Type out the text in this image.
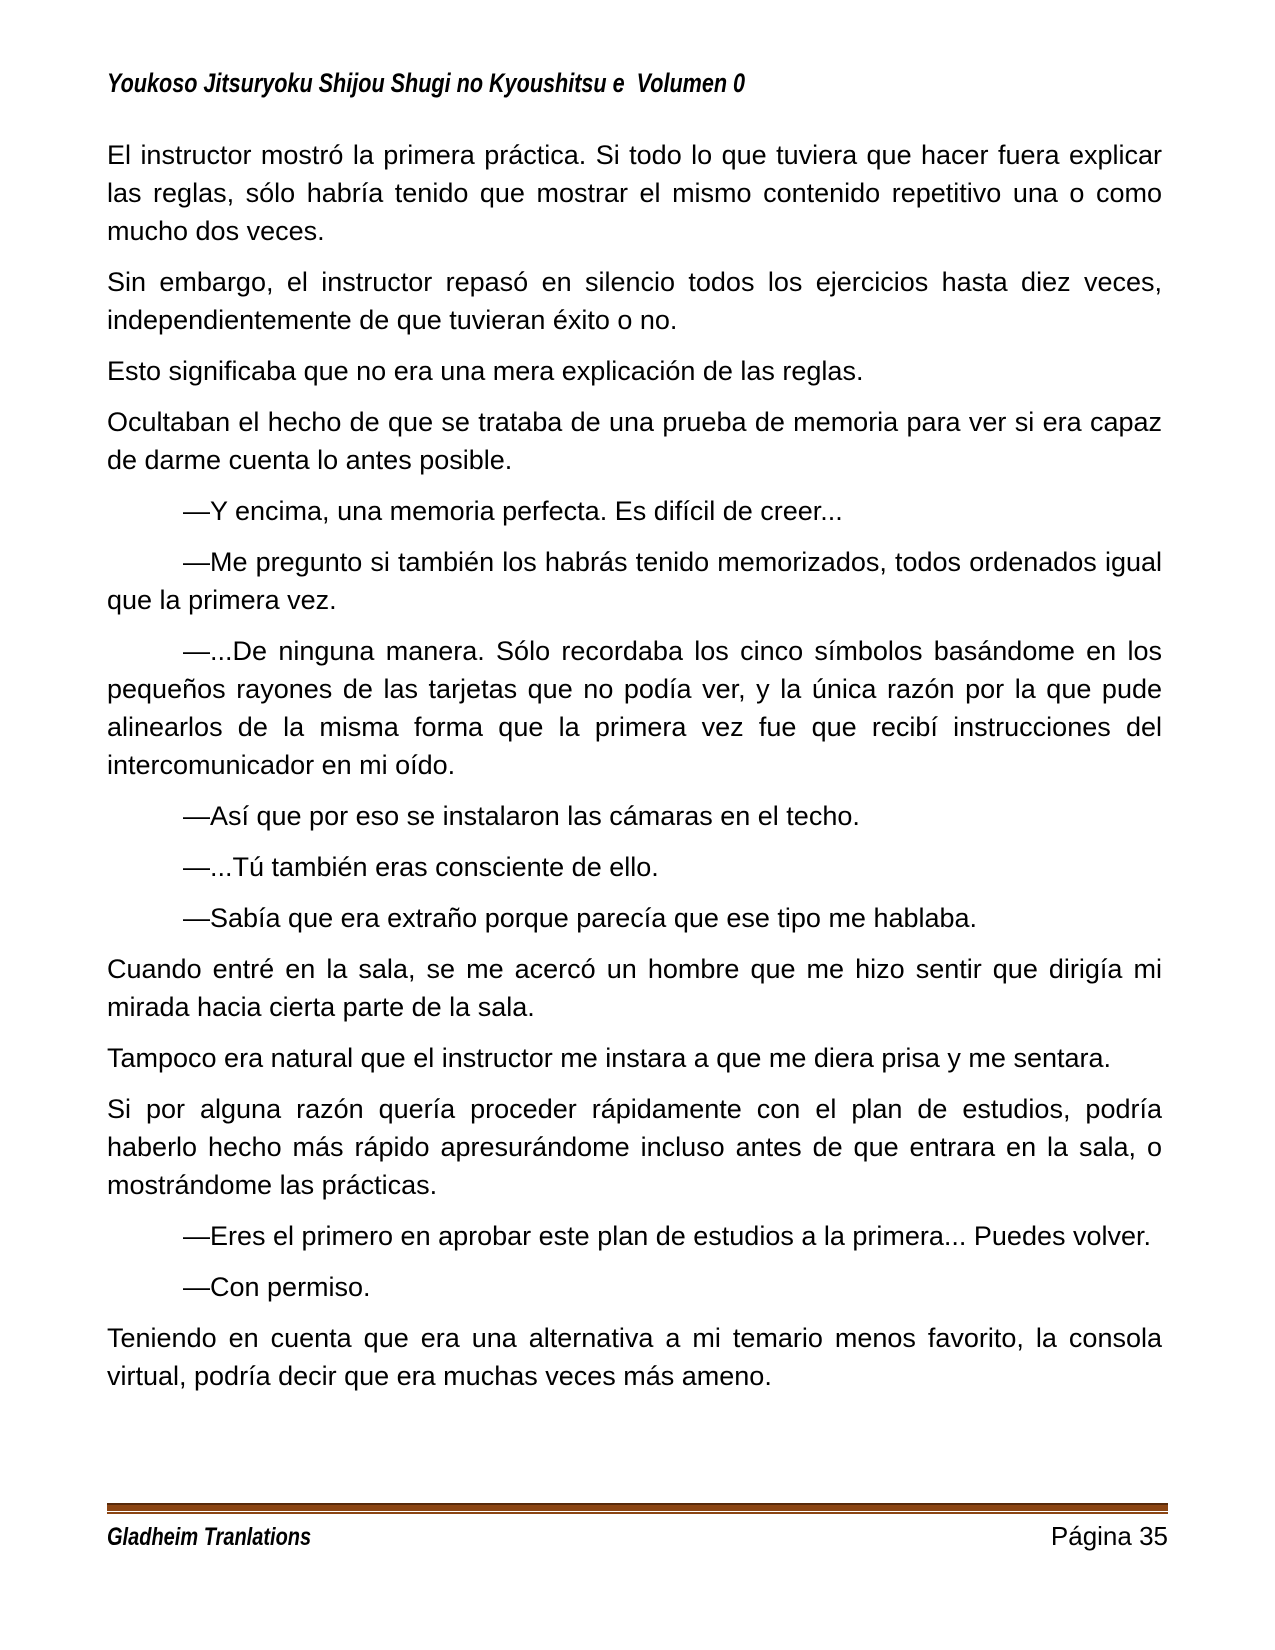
Youkoso Jitsuryoku Shijou Shugi no Kyoushitsu e  Volumen 0

El instructor mostró la primera práctica. Si todo lo que tuviera que hacer fuera explicar las reglas, sólo habría tenido que mostrar el mismo contenido repetitivo una o como mucho dos veces.

Sin embargo, el instructor repasó en silencio todos los ejercicios hasta diez veces, independientemente de que tuvieran éxito o no.

Esto significaba que no era una mera explicación de las reglas.

Ocultaban el hecho de que se trataba de una prueba de memoria para ver si era capaz de darme cuenta lo antes posible.

—Y encima, una memoria perfecta. Es difícil de creer...

—Me pregunto si también los habrás tenido memorizados, todos ordenados igual que la primera vez.

—...De ninguna manera. Sólo recordaba los cinco símbolos basándome en los pequeños rayones de las tarjetas que no podía ver, y la única razón por la que pude alinearlos de la misma forma que la primera vez fue que recibí instrucciones del intercomunicador en mi oído.

—Así que por eso se instalaron las cámaras en el techo.

—...Tú también eras consciente de ello.

—Sabía que era extraño porque parecía que ese tipo me hablaba.

Cuando entré en la sala, se me acercó un hombre que me hizo sentir que dirigía mi mirada hacia cierta parte de la sala.

Tampoco era natural que el instructor me instara a que me diera prisa y me sentara.

Si por alguna razón quería proceder rápidamente con el plan de estudios, podría haberlo hecho más rápido apresurándome incluso antes de que entrara en la sala, o mostrándome las prácticas.

—Eres el primero en aprobar este plan de estudios a la primera... Puedes volver.

—Con permiso.

Teniendo en cuenta que era una alternativa a mi temario menos favorito, la consola virtual, podría decir que era muchas veces más ameno.

Gladheim Tranlations	Página 35
